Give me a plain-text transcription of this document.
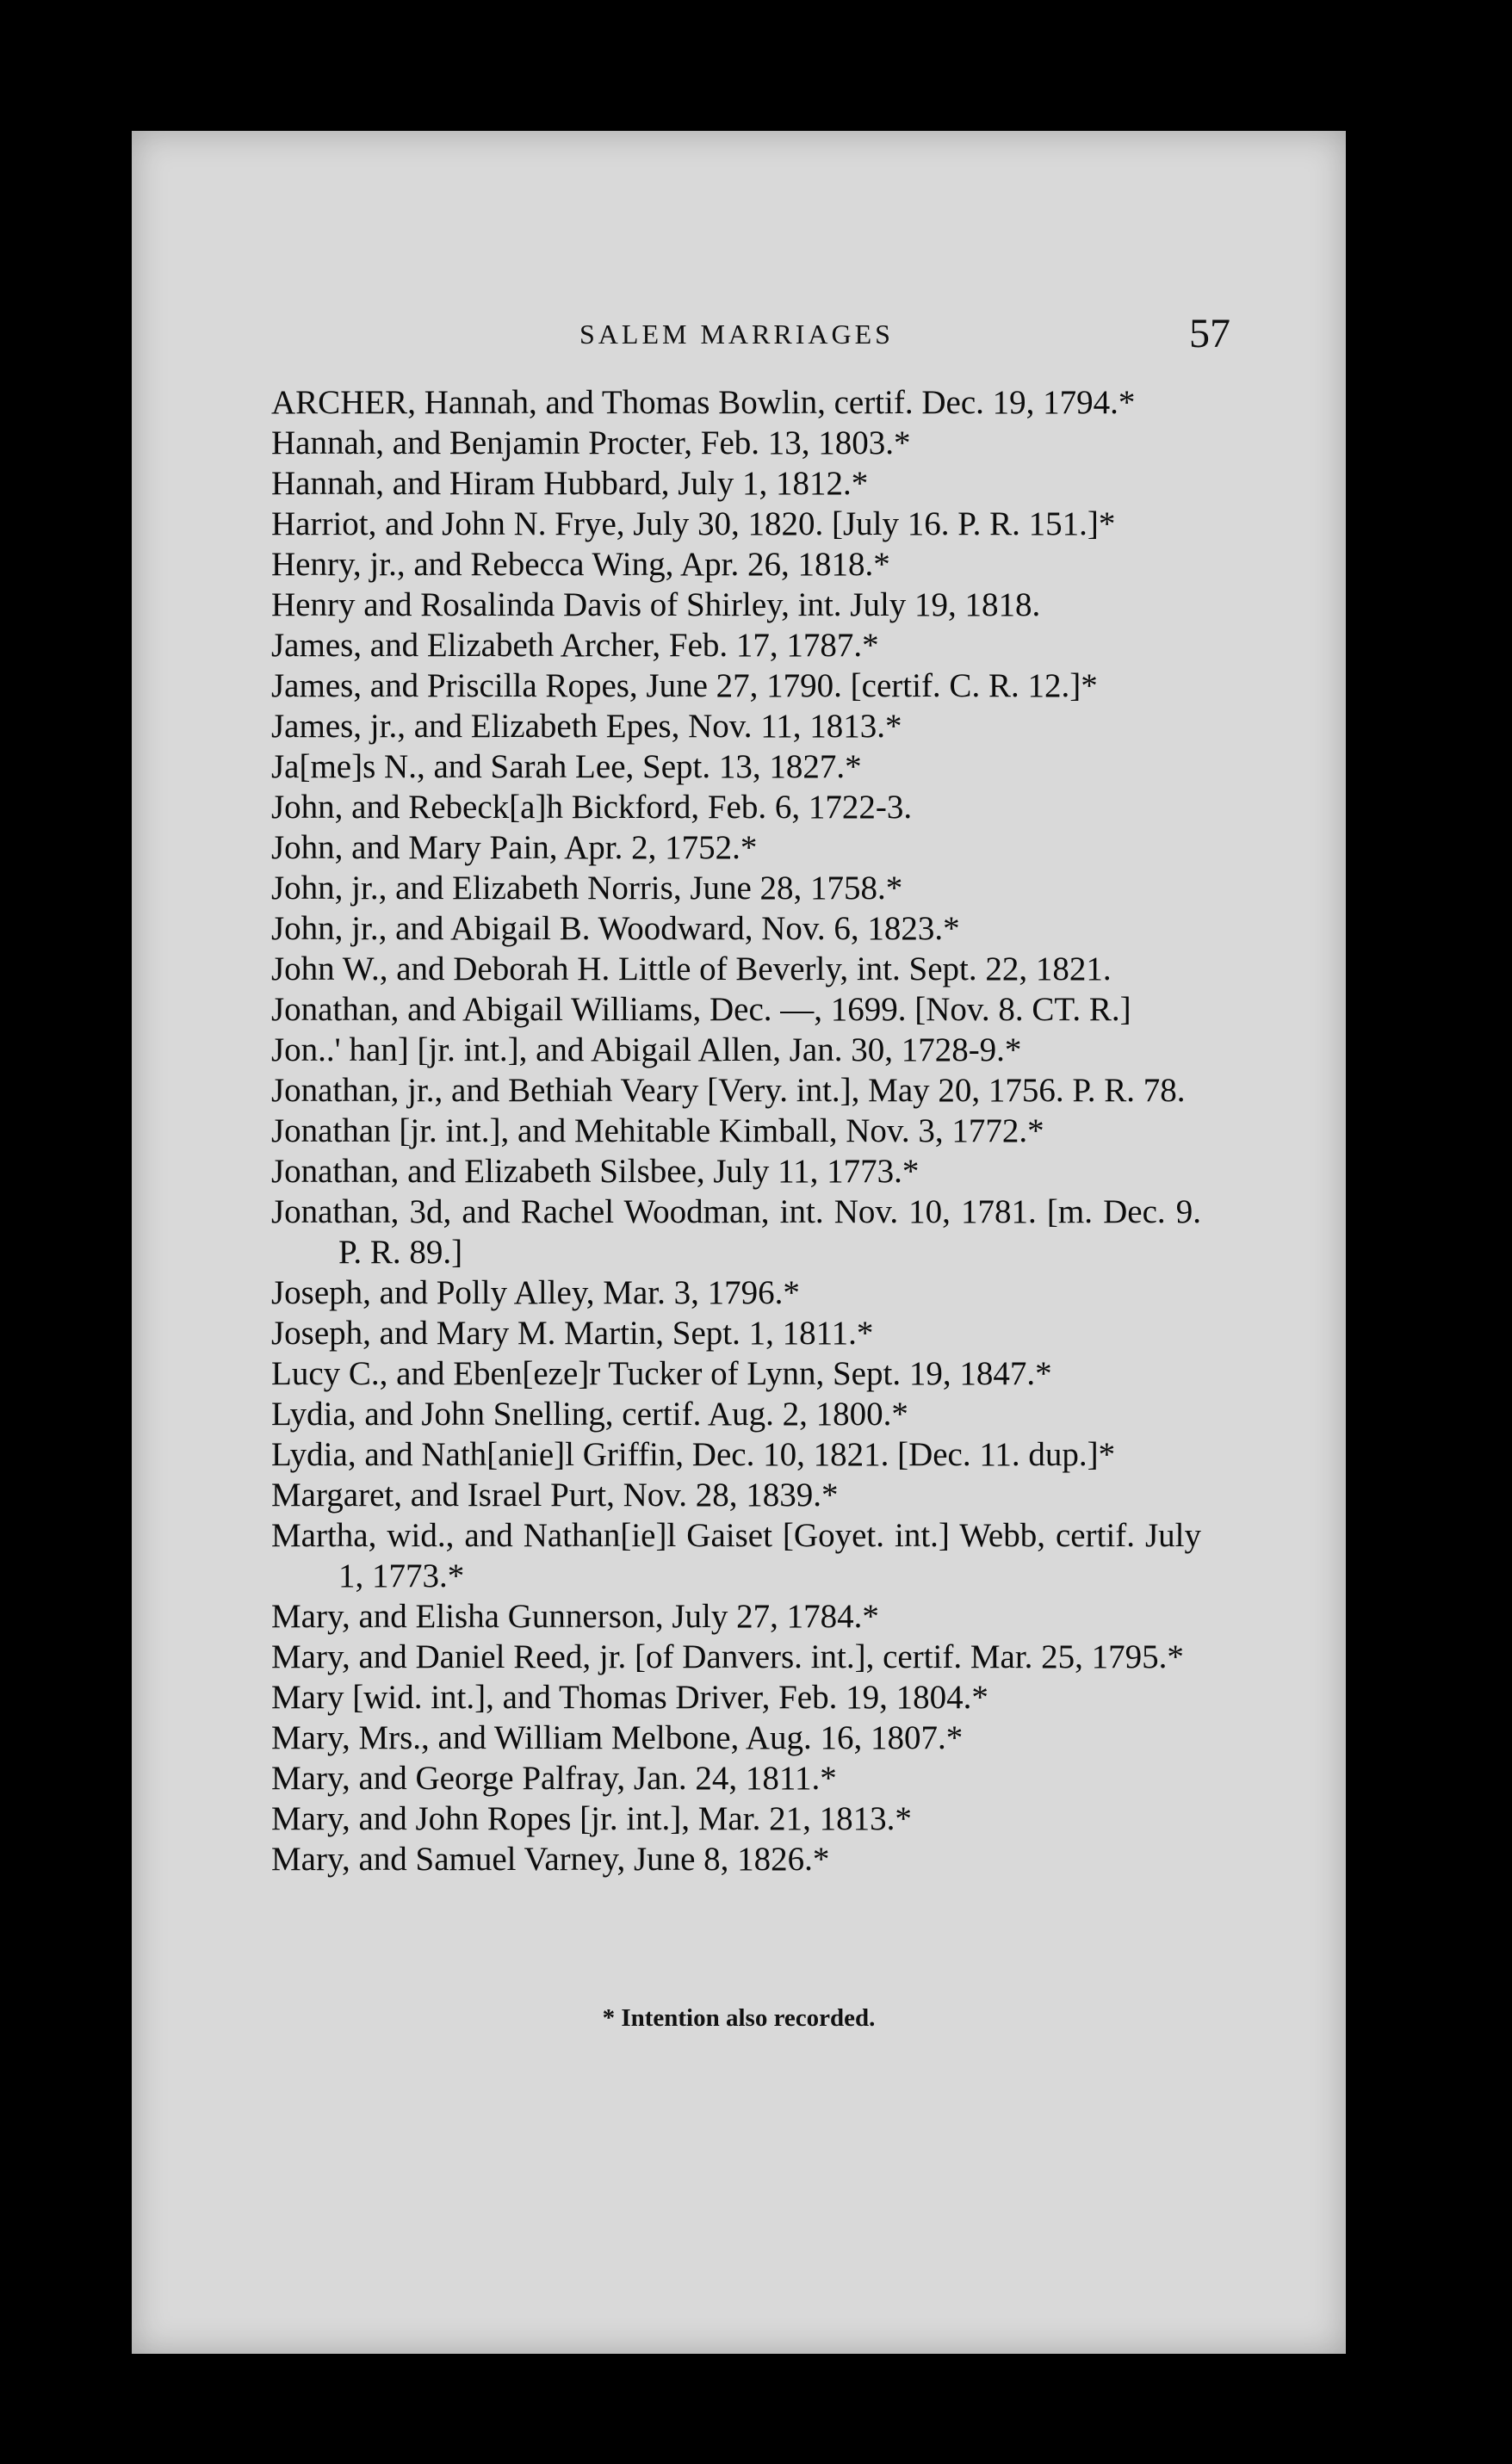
SALEM MARRIAGES	57

ARCHER, Hannah, and Thomas Bowlin, certif. Dec. 19, 1794.*

Hannah, and Benjamin Procter, Feb. 13, 1803.*

Hannah, and Hiram Hubbard, July 1, 1812.*

Harriot, and John N. Frye, July 30, 1820. [July 16. P. R. 151.]*

Henry, jr., and Rebecca Wing, Apr. 26, 1818.*

Henry and Rosalinda Davis of Shirley, int. July 19, 1818.

James, and Elizabeth Archer, Feb. 17, 1787.*

James, and Priscilla Ropes, June 27, 1790. [certif. C. R. 12.]*

James, jr., and Elizabeth Epes, Nov. 11, 1813.*

Ja[me]s N., and Sarah Lee, Sept. 13, 1827.*

John, and Rebeck[a]h Bickford, Feb. 6, 1722-3.

John, and Mary Pain, Apr. 2, 1752.*

John, jr., and Elizabeth Norris, June 28, 1758.*

John, jr., and Abigail B. Woodward, Nov. 6, 1823.*

John W., and Deborah H. Little of Beverly, int. Sept. 22, 1821.

Jonathan, and Abigail Williams, Dec. —, 1699. [Nov. 8. CT. R.]

Jon..' han] [jr. int.], and Abigail Allen, Jan. 30, 1728-9.*

Jonathan, jr., and Bethiah Veary [Very. int.], May 20, 1756. P. R. 78.

Jonathan [jr. int.], and Mehitable Kimball, Nov. 3, 1772.*

Jonathan, and Elizabeth Silsbee, July 11, 1773.*

Jonathan, 3d, and Rachel Woodman, int. Nov. 10, 1781. [m. Dec. 9. P. R. 89.]

Joseph, and Polly Alley, Mar. 3, 1796.*

Joseph, and Mary M. Martin, Sept. 1, 1811.*

Lucy C., and Eben[eze]r Tucker of Lynn, Sept. 19, 1847.*

Lydia, and John Snelling, certif. Aug. 2, 1800.*

Lydia, and Nath[anie]l Griffin, Dec. 10, 1821. [Dec. 11. dup.]*

Margaret, and Israel Purt, Nov. 28, 1839.*

Martha, wid., and Nathan[ie]l Gaiset [Goyet. int.] Webb, certif. July 1, 1773.*

Mary, and Elisha Gunnerson, July 27, 1784.*

Mary, and Daniel Reed, jr. [of Danvers. int.], certif. Mar. 25, 1795.*

Mary [wid. int.], and Thomas Driver, Feb. 19, 1804.*

Mary, Mrs., and William Melbone, Aug. 16, 1807.*

Mary, and George Palfray, Jan. 24, 1811.*

Mary, and John Ropes [jr. int.], Mar. 21, 1813.*

Mary, and Samuel Varney, June 8, 1826.*

* Intention also recorded.
